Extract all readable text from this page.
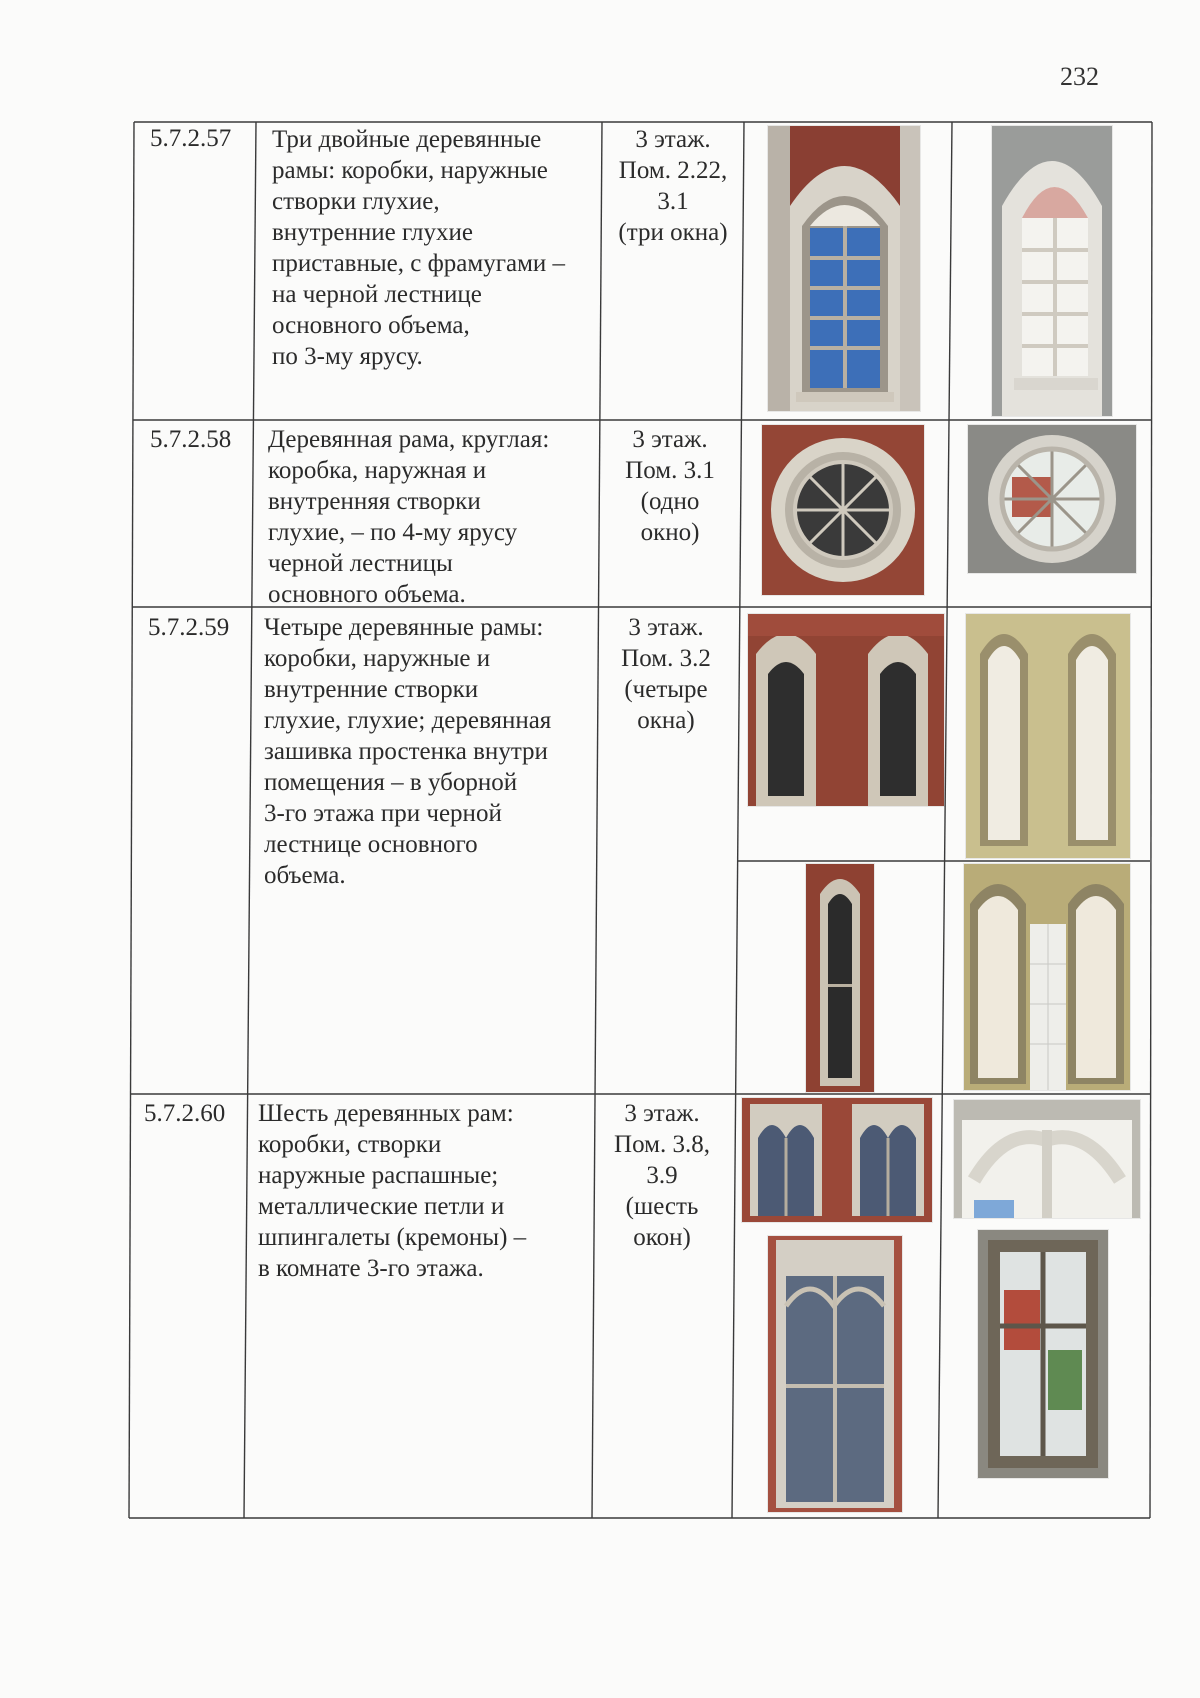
232
5.7.2.57 Три двойные деревянные
рамы: коробки, наружные
створки глухие,
внутренние глухие
приставные, с фрамугами –
на черной лестнице
основного объема,
по 3-му ярусу.
3 этаж.
Пом. 2.22,
3.1
(три окна)
5.7.2.58 Деревянная рама, круглая:
коробка, наружная и
внутренняя створки
глухие, – по 4-му ярусу
черной лестницы
основного объема.
3 этаж.
Пом. 3.1
(одно
окно)
5.7.2.59 Четыре деревянные рамы:
коробки, наружные и
внутренние створки
глухие, глухие; деревянная
зашивка простенка внутри
помещения – в уборной
3-го этажа при черной
лестнице основного
объема.
3 этаж.
Пом. 3.2
(четыре
окна)
5.7.2.60 Шесть деревянных рам:
коробки, створки
наружные распашные;
металлические петли и
шпингалеты (кремоны) –
в комнате 3-го этажа.
3 этаж.
Пом. 3.8,
3.9
(шесть
окон)
